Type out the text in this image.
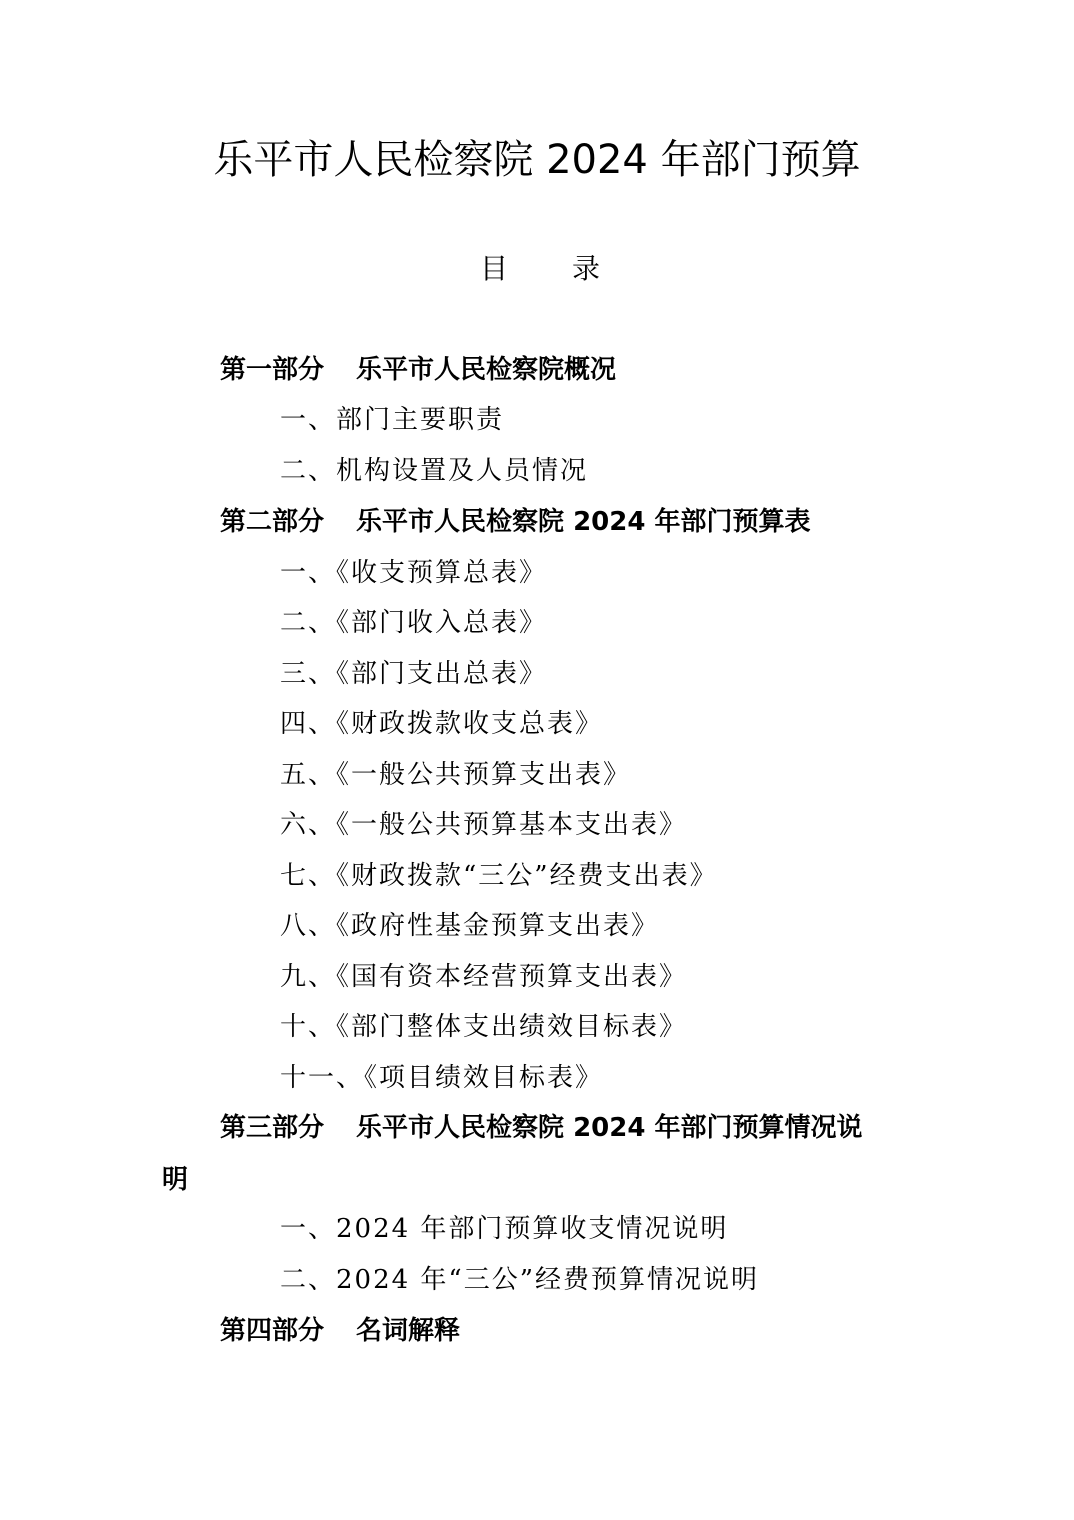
乐平市人民检察院 2024 年部门预算
目 录
第一部分 乐平市人民检察院概况
一、部门主要职责
二、机构设置及人员情况
第二部分 乐平市人民检察院 2024 年部门预算表
一、《收支预算总表》
二、《部门收入总表》
三、《部门支出总表》
四、《财政拨款收支总表》
五、《一般公共预算支出表》
六、《一般公共预算基本支出表》
七、《财政拨款“三公”经费支出表》
八、《政府性基金预算支出表》
九、《国有资本经营预算支出表》
十、《部门整体支出绩效目标表》
十一、《项目绩效目标表》
第三部分 乐平市人民检察院 2024 年部门预算情况说
明
一、2024 年部门预算收支情况说明
二、2024 年“三公”经费预算情况说明
第四部分 名词解释
